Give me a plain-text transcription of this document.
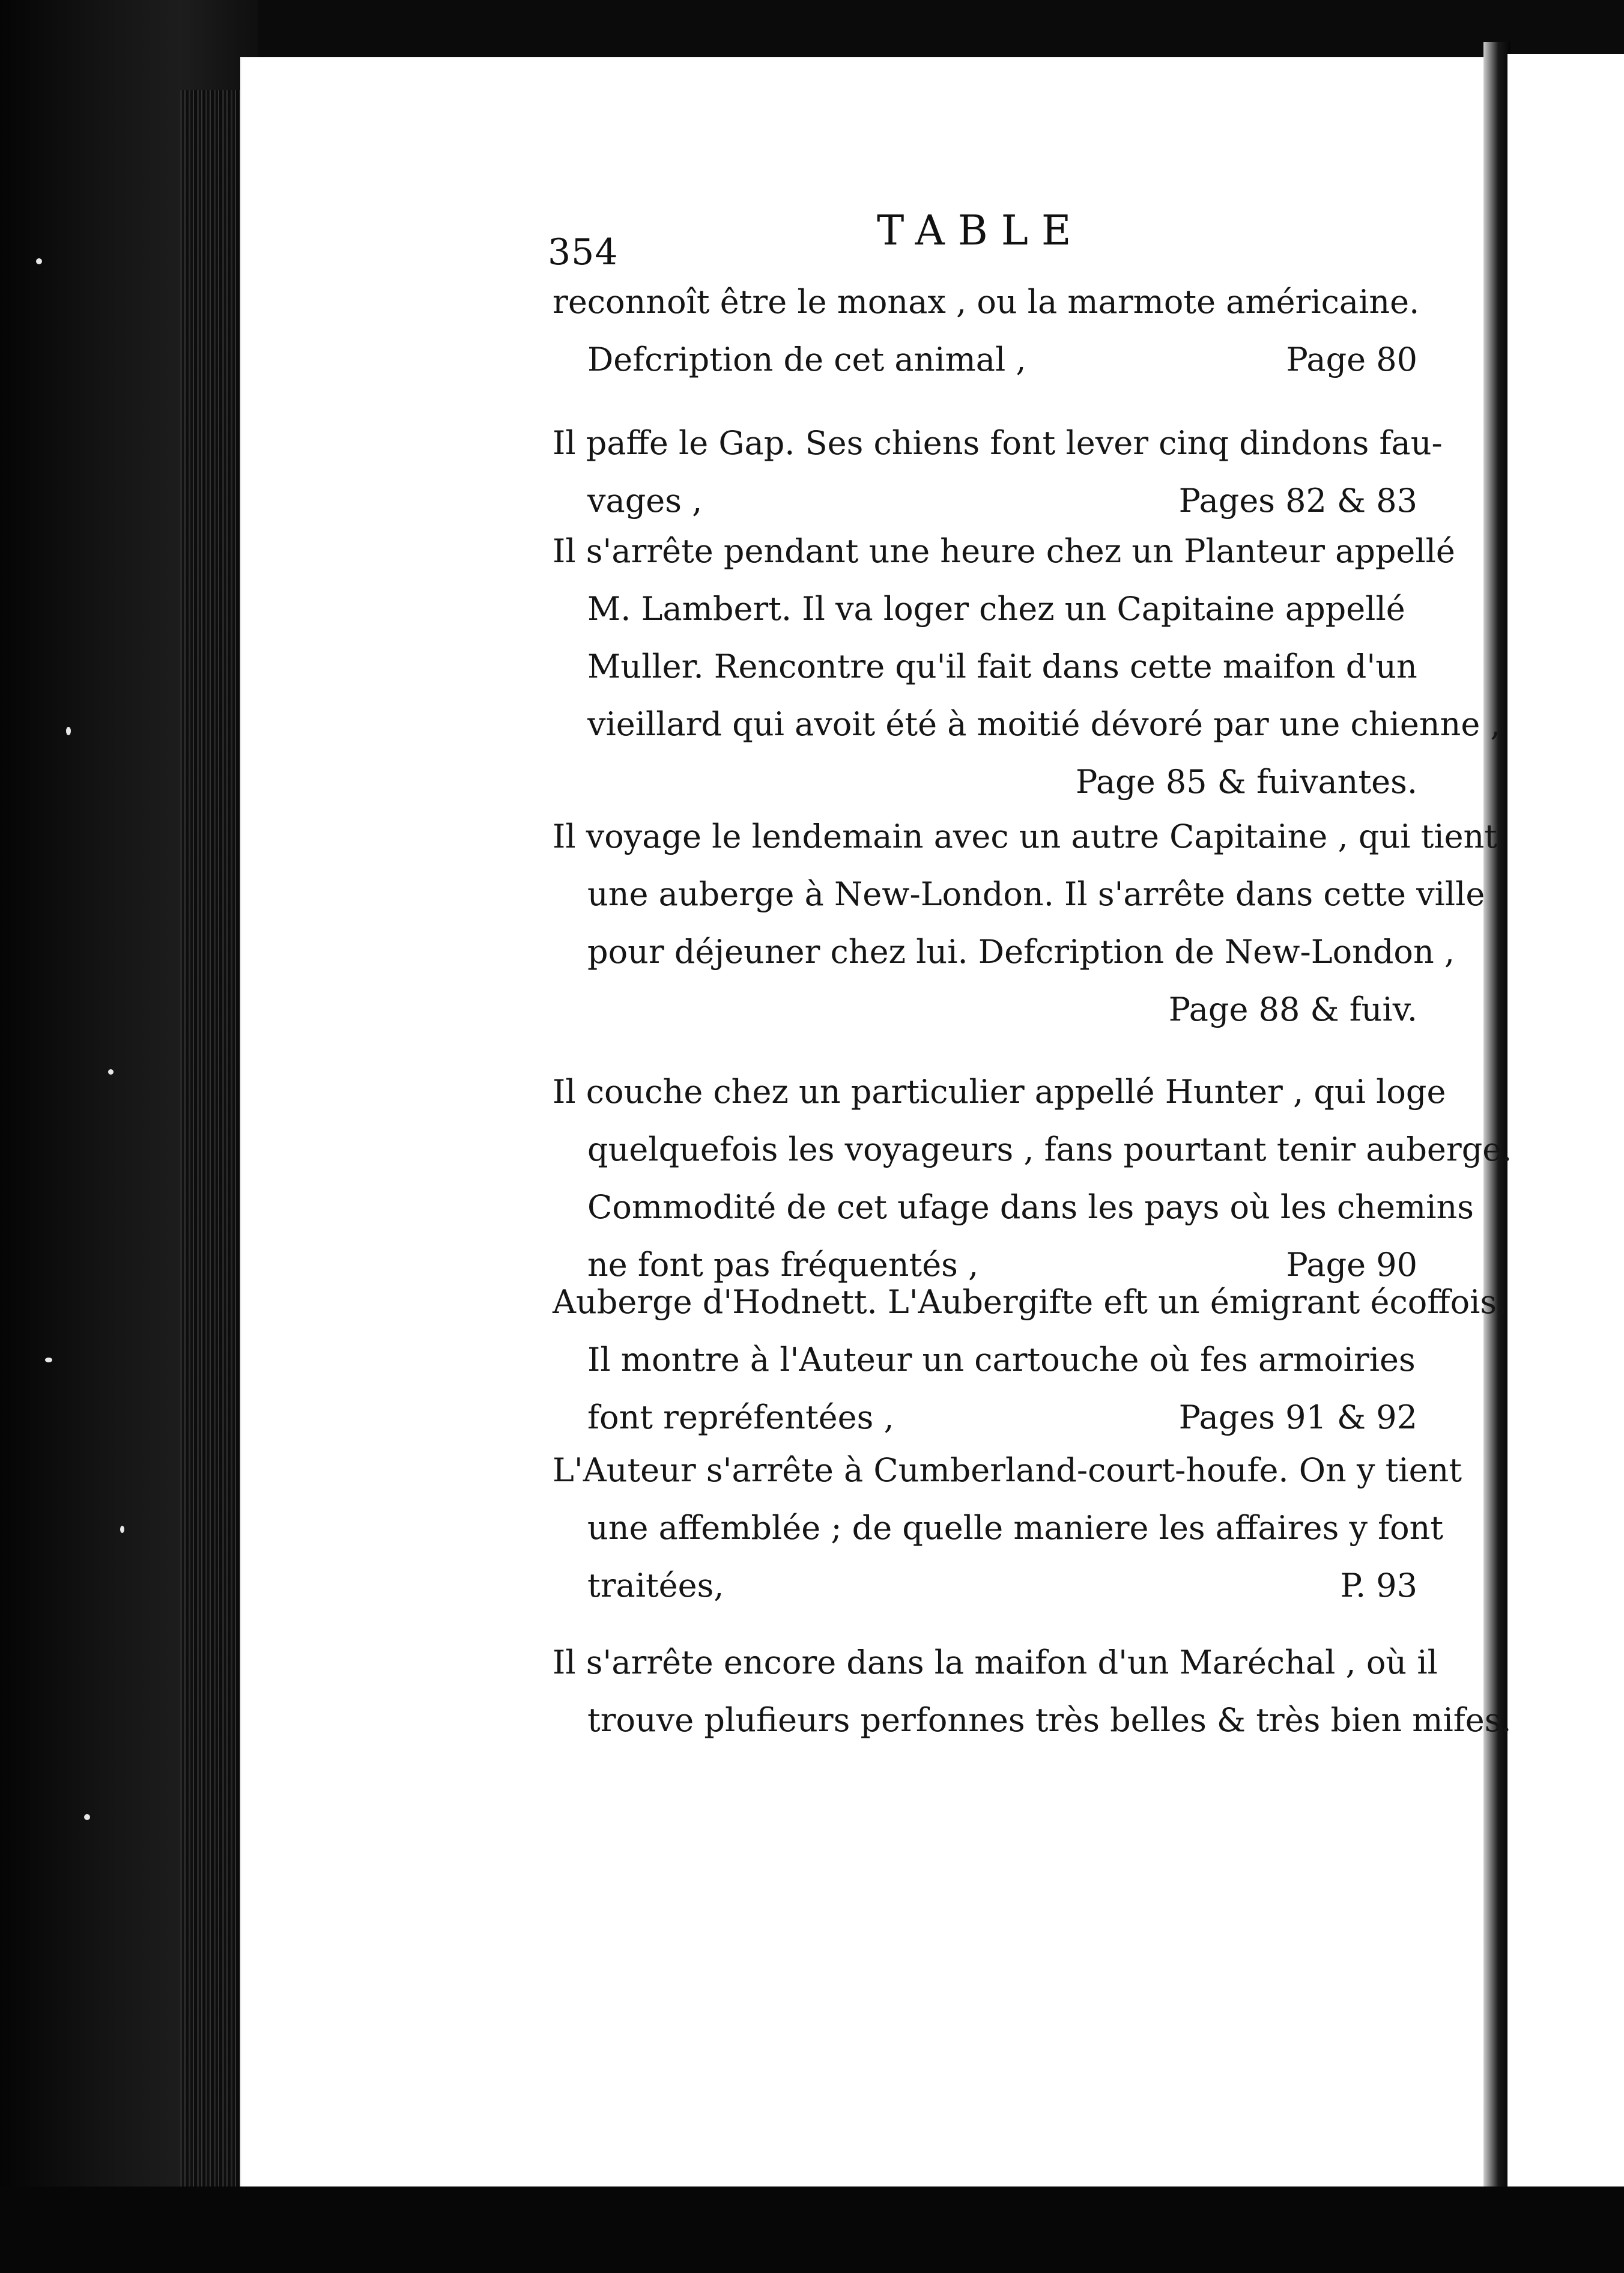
354	TABLE
reconnoît être le monax , ou la marmote américaine.
Defcription de cet animal ,	Page 80
Il paffe le Gap. Ses chiens font lever cinq dindons fau-
vages ,	Pages 82 & 83
Il s'arrête pendant une heure chez un Planteur appellé
M. Lambert. Il va loger chez un Capitaine appellé
Muller. Rencontre qu'il fait dans cette maifon d'un
vieillard qui avoit été à moitié dévoré par une chienne ,
Page 85 & fuivantes.
Il voyage le lendemain avec un autre Capitaine , qui tient
une auberge à New-London. Il s'arrête dans cette ville
pour déjeuner chez lui. Defcription de New-London ,
Page 88 & fuiv.
Il couche chez un particulier appellé Hunter , qui loge
quelquefois les voyageurs , fans pourtant tenir auberge.
Commodité de cet ufage dans les pays où les chemins
ne font pas fréquentés ,	Page 90
Auberge d'Hodnett. L'Aubergifte eft un émigrant écoffois.
Il montre à l'Auteur un cartouche où fes armoiries
font repréfentées ,	Pages 91 & 92
L'Auteur s'arrête à Cumberland-court-houfe. On y tient
une affemblée ; de quelle maniere les affaires y font
traitées,	P. 93
Il s'arrête encore dans la maifon d'un Maréchal , où il
trouve plufieurs perfonnes très belles & très bien mifes.
